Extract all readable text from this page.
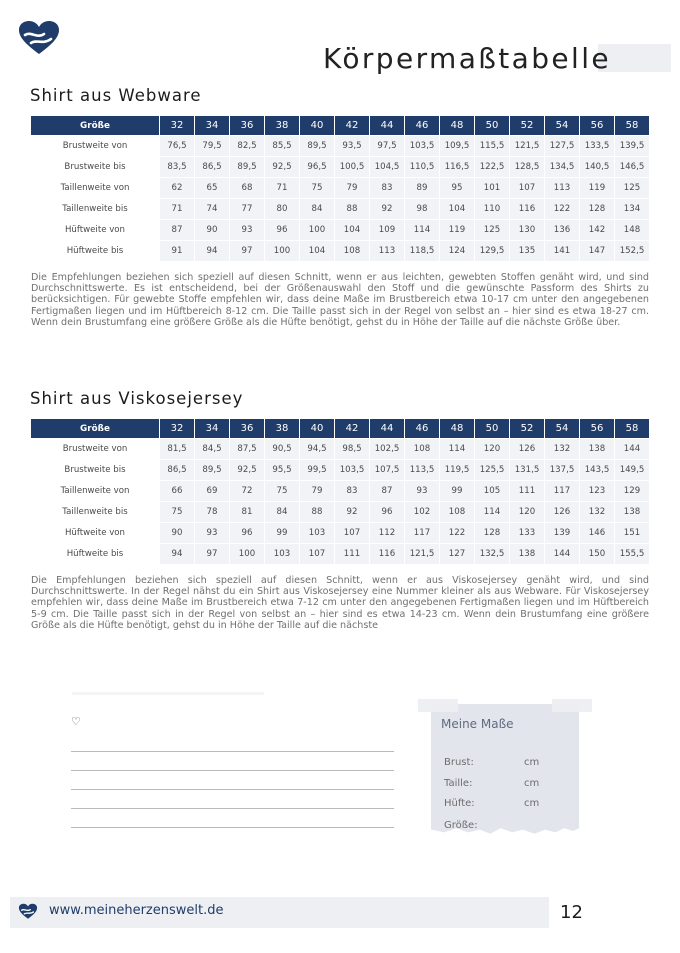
Körpermaßtabelle
Shirt aus Webware
Größe	32	34	36	38	40	42	44	46	48	50	52	54	56	58
Brustweite von	76,5	79,5	82,5	85,5	89,5	93,5	97,5	103,5	109,5	115,5	121,5	127,5	133,5	139,5
Brustweite bis	83,5	86,5	89,5	92,5	96,5	100,5	104,5	110,5	116,5	122,5	128,5	134,5	140,5	146,5
Taillenweite von	62	65	68	71	75	79	83	89	95	101	107	113	119	125
Taillenweite bis	71	74	77	80	84	88	92	98	104	110	116	122	128	134
Hüftweite von	87	90	93	96	100	104	109	114	119	125	130	136	142	148
Hüftweite bis	91	94	97	100	104	108	113	118,5	124	129,5	135	141	147	152,5
Die Empfehlungen beziehen sich speziell auf diesen Schnitt, wenn er aus leichten, gewebten Stoffen genäht wird, und sind Durchschnittswerte. Es ist entscheidend, bei der Größenauswahl den Stoff und die gewünschte Passform des Shirts zu berücksichtigen. Für gewebte Stoffe empfehlen wir, dass deine Maße im Brustbereich etwa 10-17 cm unter den angegebenen Fertigmaßen liegen und im Hüftbereich 8-12 cm. Die Taille passt sich in der Regel von selbst an – hier sind es etwa 18-27 cm. Wenn dein Brustumfang eine größere Größe als die Hüfte benötigt, gehst du in Höhe der Taille auf die nächste Größe über.
Shirt aus Viskosejersey
Größe	32	34	36	38	40	42	44	46	48	50	52	54	56	58
Brustweite von	81,5	84,5	87,5	90,5	94,5	98,5	102,5	108	114	120	126	132	138	144
Brustweite bis	86,5	89,5	92,5	95,5	99,5	103,5	107,5	113,5	119,5	125,5	131,5	137,5	143,5	149,5
Taillenweite von	66	69	72	75	79	83	87	93	99	105	111	117	123	129
Taillenweite bis	75	78	81	84	88	92	96	102	108	114	120	126	132	138
Hüftweite von	90	93	96	99	103	107	112	117	122	128	133	139	146	151
Hüftweite bis	94	97	100	103	107	111	116	121,5	127	132,5	138	144	150	155,5
Die Empfehlungen beziehen sich speziell auf diesen Schnitt, wenn er aus Viskosejersey genäht wird, und sind Durchschnittswerte. In der Regel nähst du ein Shirt aus Viskosejersey eine Nummer kleiner als aus Webware. Für Viskosejersey empfehlen wir, dass deine Maße im Brustbereich etwa 7-12 cm unter den angegebenen Fertigmaßen liegen und im Hüftbereich 5-9 cm. Die Taille passt sich in der Regel von selbst an – hier sind es etwa 14-23 cm. Wenn dein Brustumfang eine größere Größe als die Hüfte benötigt, gehst du in Höhe der Taille auf die nächste
♡	Meine Maße
Brust:	cm
Taille:	cm
Hüfte:	cm
Größe:
www.meineherzenswelt.de	12
